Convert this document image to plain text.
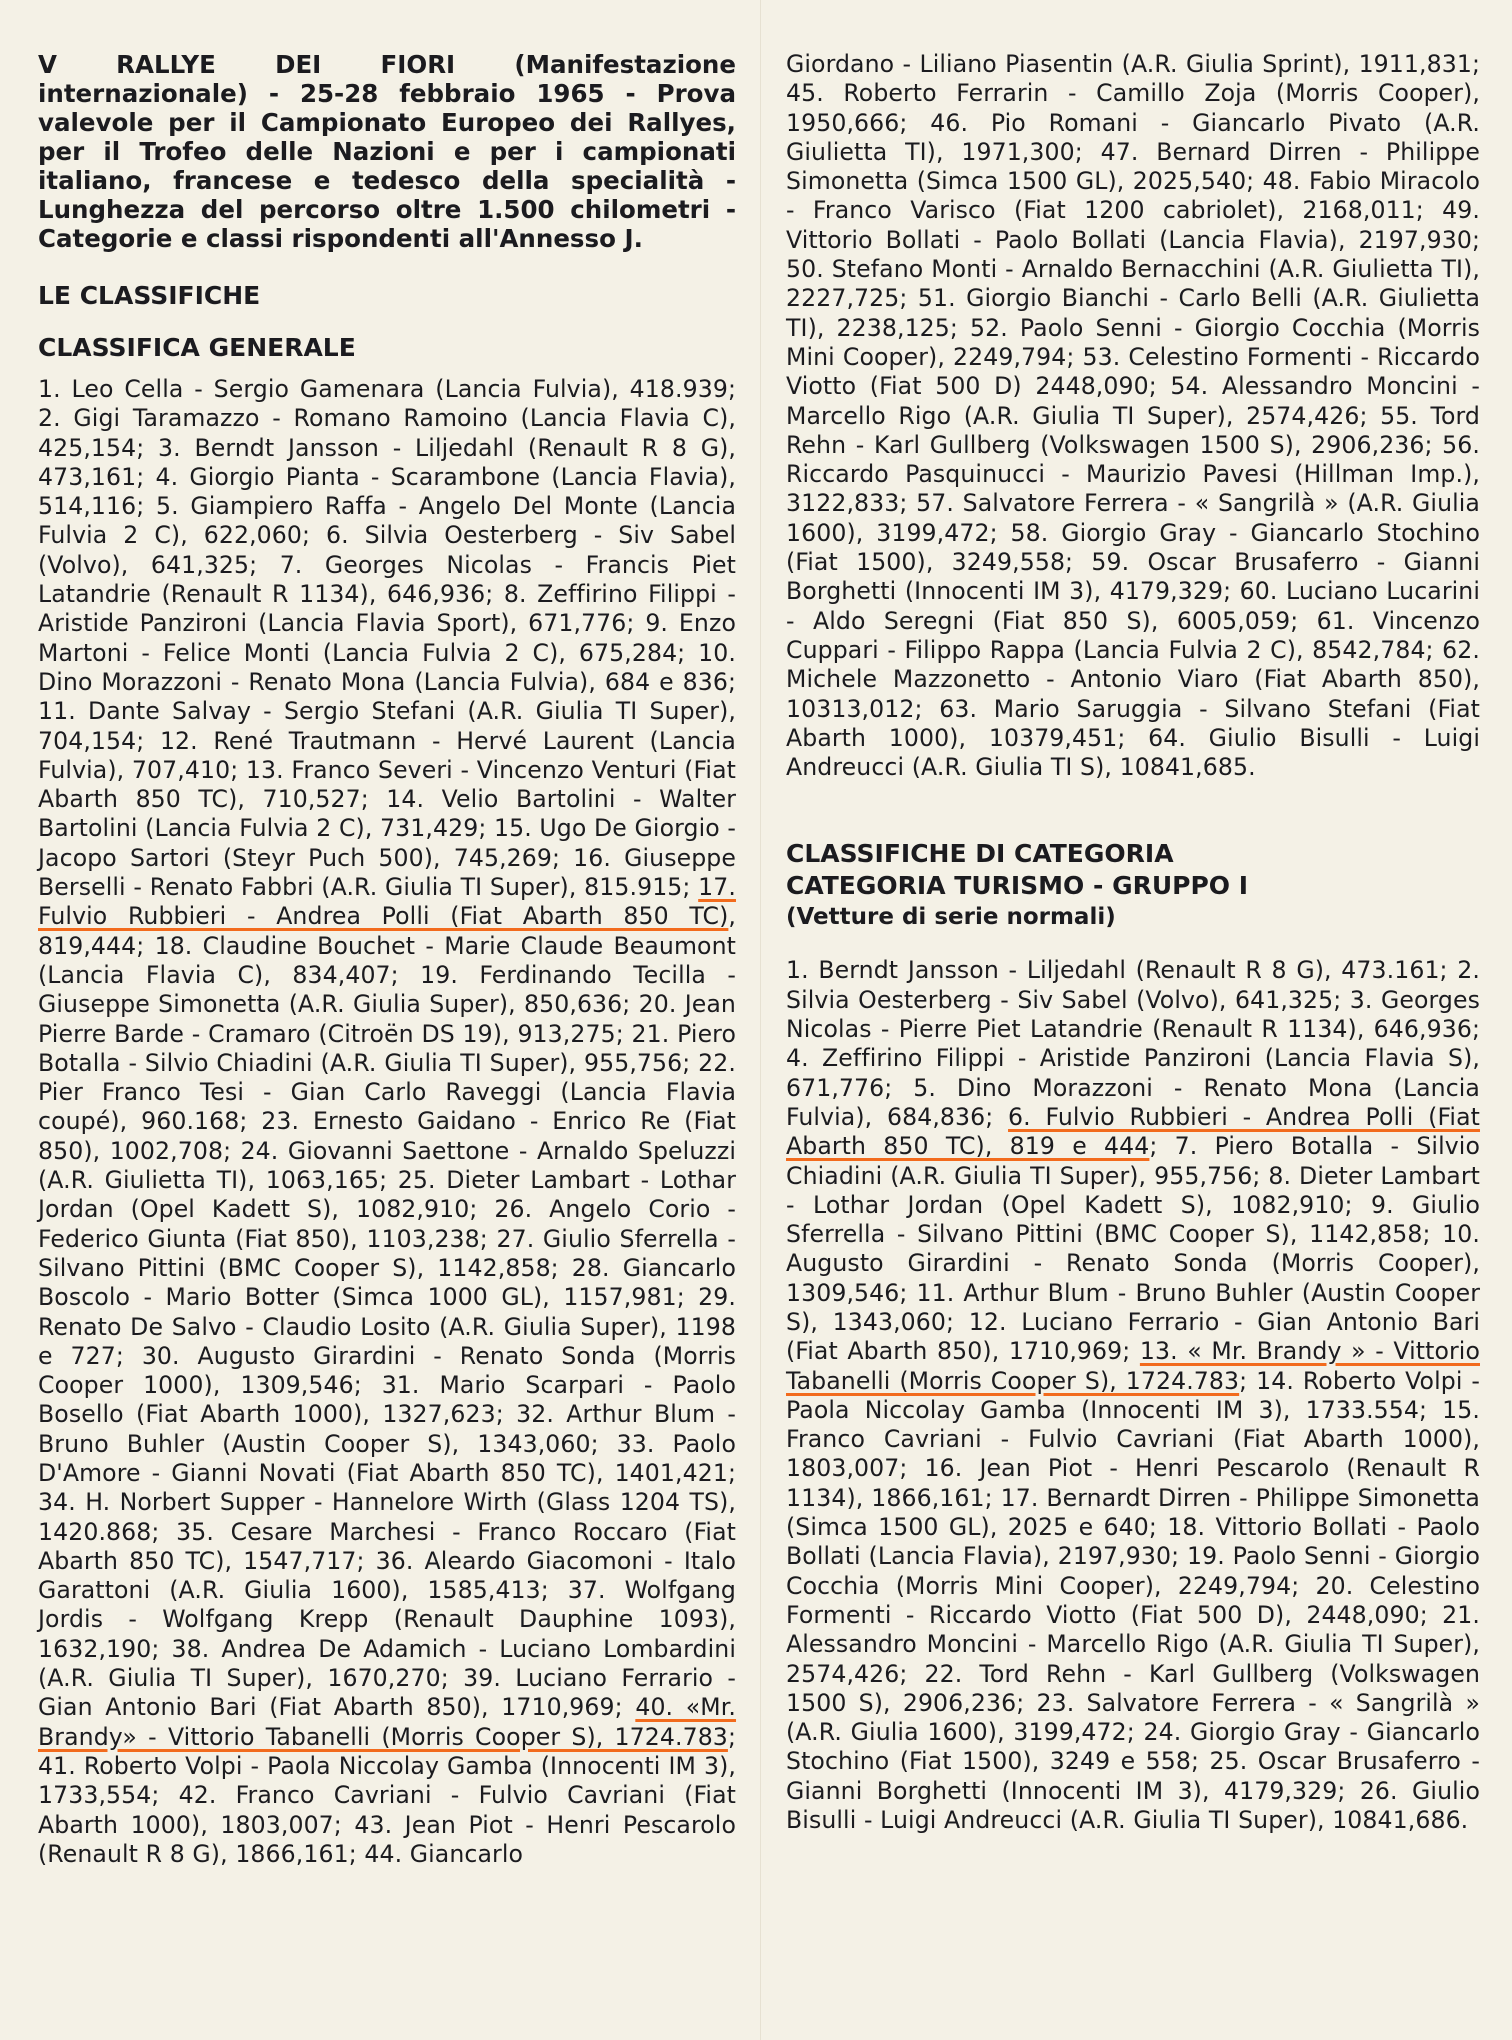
V RALLYE DEI FIORI (Manifestazione internazionale) - 25-28 febbraio 1965 - Prova valevole per il Campionato Europeo dei Rallyes, per il Trofeo delle Nazioni e per i campionati italiano, francese e tedesco della specialità - Lunghezza del percorso oltre 1.500 chilometri - Categorie e classi rispondenti all'Annesso J.

LE CLASSIFICHE
CLASSIFICA GENERALE

1. Leo Cella - Sergio Gamenara (Lancia Fulvia), 418.939; 2. Gigi Taramazzo - Romano Ramoino (Lancia Flavia C), 425,154; 3. Berndt Jansson - Liljedahl (Renault R 8 G), 473,161; 4. Giorgio Pianta - Scarambone (Lancia Flavia), 514,116; 5. Giampiero Raffa - Angelo Del Monte (Lancia Fulvia 2 C), 622,060; 6. Silvia Oesterberg - Siv Sabel (Volvo), 641,325; 7. Georges Nicolas - Francis Piet Latandrie (Renault R 1134), 646,936; 8. Zeffirino Filippi - Aristide Panzironi (Lancia Flavia Sport), 671,776; 9. Enzo Martoni - Felice Monti (Lancia Fulvia 2 C), 675,284; 10. Dino Morazzoni - Renato Mona (Lancia Fulvia), 684 e 836; 11. Dante Salvay - Sergio Stefani (A.R. Giulia TI Super), 704,154; 12. René Trautmann - Hervé Laurent (Lancia Fulvia), 707,410; 13. Franco Severi - Vincenzo Venturi (Fiat Abarth 850 TC), 710,527; 14. Velio Bartolini - Walter Bartolini (Lancia Fulvia 2 C), 731,429; 15. Ugo De Giorgio - Jacopo Sartori (Steyr Puch 500), 745,269; 16. Giuseppe Berselli - Renato Fabbri (A.R. Giulia TI Super), 815.915; 17. Fulvio Rubbieri - Andrea Polli (Fiat Abarth 850 TC), 819,444; 18. Claudine Bouchet - Marie Claude Beaumont (Lancia Flavia C), 834,407; 19. Ferdinando Tecilla - Giuseppe Simonetta (A.R. Giulia Super), 850,636; 20. Jean Pierre Barde - Cramaro (Citroën DS 19), 913,275; 21. Piero Botalla - Silvio Chiadini (A.R. Giulia TI Super), 955,756; 22. Pier Franco Tesi - Gian Carlo Raveggi (Lancia Flavia coupé), 960.168; 23. Ernesto Gaidano - Enrico Re (Fiat 850), 1002,708; 24. Giovanni Saettone - Arnaldo Speluzzi (A.R. Giulietta TI), 1063,165; 25. Dieter Lambart - Lothar Jordan (Opel Kadett S), 1082,910; 26. Angelo Corio - Federico Giunta (Fiat 850), 1103,238; 27. Giulio Sferrella - Silvano Pittini (BMC Cooper S), 1142,858; 28. Giancarlo Boscolo - Mario Botter (Simca 1000 GL), 1157,981; 29. Renato De Salvo - Claudio Losito (A.R. Giulia Super), 1198 e 727; 30. Augusto Girardini - Renato Sonda (Morris Cooper 1000), 1309,546; 31. Mario Scarpari - Paolo Bosello (Fiat Abarth 1000), 1327,623; 32. Arthur Blum - Bruno Buhler (Austin Cooper S), 1343,060; 33. Paolo D'Amore - Gianni Novati (Fiat Abarth 850 TC), 1401,421; 34. H. Norbert Supper - Hannelore Wirth (Glass 1204 TS), 1420.868; 35. Cesare Marchesi - Franco Roccaro (Fiat Abarth 850 TC), 1547,717; 36. Aleardo Giacomoni - Italo Garattoni (A.R. Giulia 1600), 1585,413; 37. Wolfgang Jordis - Wolfgang Krepp (Renault Dauphine 1093), 1632,190; 38. Andrea De Adamich - Luciano Lombardini (A.R. Giulia TI Super), 1670,270; 39. Luciano Ferrario - Gian Antonio Bari (Fiat Abarth 850), 1710,969; 40. «Mr. Brandy» - Vittorio Tabanelli (Morris Cooper S), 1724.783; 41. Roberto Volpi - Paola Niccolay Gamba (Innocenti IM 3), 1733,554; 42. Franco Cavriani - Fulvio Cavriani (Fiat Abarth 1000), 1803,007; 43. Jean Piot - Henri Pescarolo (Renault R 8 G), 1866,161; 44. Giancarlo

Giordano - Liliano Piasentin (A.R. Giulia Sprint), 1911,831; 45. Roberto Ferrarin - Camillo Zoja (Morris Cooper), 1950,666; 46. Pio Romani - Giancarlo Pivato (A.R. Giulietta TI), 1971,300; 47. Bernard Dirren - Philippe Simonetta (Simca 1500 GL), 2025,540; 48. Fabio Miracolo - Franco Varisco (Fiat 1200 cabriolet), 2168,011; 49. Vittorio Bollati - Paolo Bollati (Lancia Flavia), 2197,930; 50. Stefano Monti - Arnaldo Bernacchini (A.R. Giulietta TI), 2227,725; 51. Giorgio Bianchi - Carlo Belli (A.R. Giulietta TI), 2238,125; 52. Paolo Senni - Giorgio Cocchia (Morris Mini Cooper), 2249,794; 53. Celestino Formenti - Riccardo Viotto (Fiat 500 D) 2448,090; 54. Alessandro Moncini - Marcello Rigo (A.R. Giulia TI Super), 2574,426; 55. Tord Rehn - Karl Gullberg (Volkswagen 1500 S), 2906,236; 56. Riccardo Pasquinucci - Maurizio Pavesi (Hillman Imp.), 3122,833; 57. Salvatore Ferrera - « Sangrilà » (A.R. Giulia 1600), 3199,472; 58. Giorgio Gray - Giancarlo Stochino (Fiat 1500), 3249,558; 59. Oscar Brusaferro - Gianni Borghetti (Innocenti IM 3), 4179,329; 60. Luciano Lucarini - Aldo Seregni (Fiat 850 S), 6005,059; 61. Vincenzo Cuppari - Filippo Rappa (Lancia Fulvia 2 C), 8542,784; 62. Michele Mazzonetto - Antonio Viaro (Fiat Abarth 850), 10313,012; 63. Mario Saruggia - Silvano Stefani (Fiat Abarth 1000), 10379,451; 64. Giulio Bisulli - Luigi Andreucci (A.R. Giulia TI S), 10841,685.

CLASSIFICHE DI CATEGORIA
CATEGORIA TURISMO - GRUPPO I
(Vetture di serie normali)

1. Berndt Jansson - Liljedahl (Renault R 8 G), 473.161; 2. Silvia Oesterberg - Siv Sabel (Volvo), 641,325; 3. Georges Nicolas - Pierre Piet Latandrie (Renault R 1134), 646,936; 4. Zeffirino Filippi - Aristide Panzironi (Lancia Flavia S), 671,776; 5. Dino Morazzoni - Renato Mona (Lancia Fulvia), 684,836; 6. Fulvio Rubbieri - Andrea Polli (Fiat Abarth 850 TC), 819 e 444; 7. Piero Botalla - Silvio Chiadini (A.R. Giulia TI Super), 955,756; 8. Dieter Lambart - Lothar Jordan (Opel Kadett S), 1082,910; 9. Giulio Sferrella - Silvano Pittini (BMC Cooper S), 1142,858; 10. Augusto Girardini - Renato Sonda (Morris Cooper), 1309,546; 11. Arthur Blum - Bruno Buhler (Austin Cooper S), 1343,060; 12. Luciano Ferrario - Gian Antonio Bari (Fiat Abarth 850), 1710,969; 13. « Mr. Brandy » - Vittorio Tabanelli (Morris Cooper S), 1724.783; 14. Roberto Volpi - Paola Niccolay Gamba (Innocenti IM 3), 1733.554; 15. Franco Cavriani - Fulvio Cavriani (Fiat Abarth 1000), 1803,007; 16. Jean Piot - Henri Pescarolo (Renault R 1134), 1866,161; 17. Bernardt Dirren - Philippe Simonetta (Simca 1500 GL), 2025 e 640; 18. Vittorio Bollati - Paolo Bollati (Lancia Flavia), 2197,930; 19. Paolo Senni - Giorgio Cocchia (Morris Mini Cooper), 2249,794; 20. Celestino Formenti - Riccardo Viotto (Fiat 500 D), 2448,090; 21. Alessandro Moncini - Marcello Rigo (A.R. Giulia TI Super), 2574,426; 22. Tord Rehn - Karl Gullberg (Volkswagen 1500 S), 2906,236; 23. Salvatore Ferrera - « Sangrilà » (A.R. Giulia 1600), 3199,472; 24. Giorgio Gray - Giancarlo Stochino (Fiat 1500), 3249 e 558; 25. Oscar Brusaferro - Gianni Borghetti (Innocenti IM 3), 4179,329; 26. Giulio Bisulli - Luigi Andreucci (A.R. Giulia TI Super), 10841,686.
